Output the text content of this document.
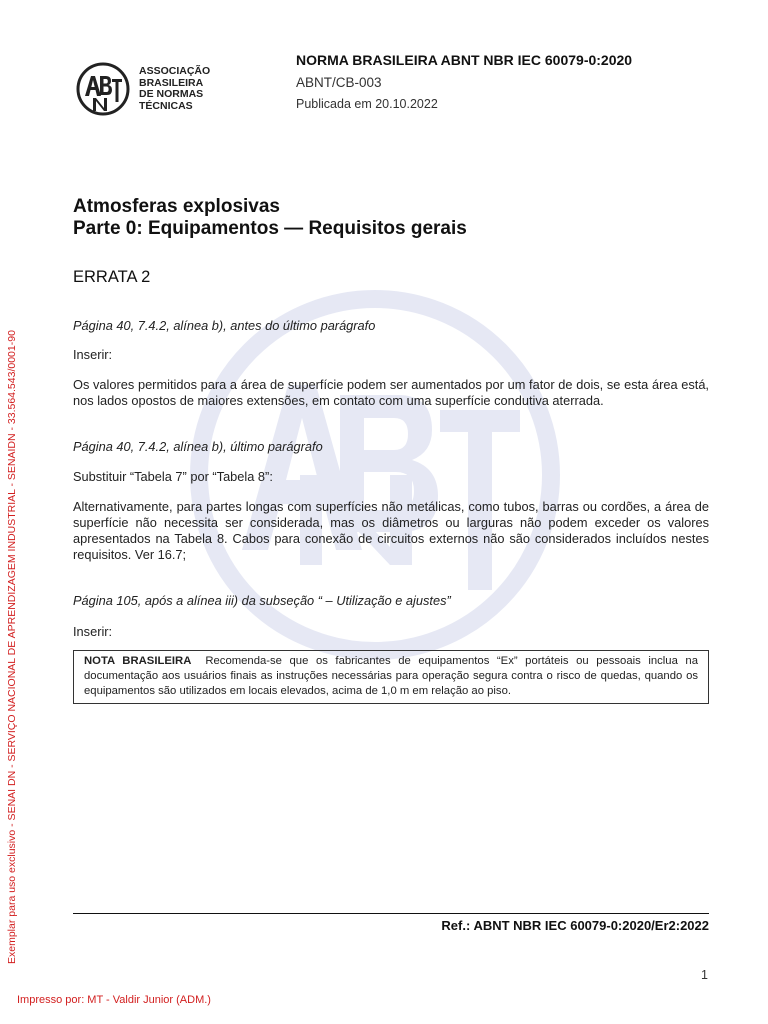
ASSOCIAÇÃO
BRASILEIRA
DE NORMAS
TÉCNICAS
NORMA BRASILEIRA ABNT NBR IEC 60079-0:2020
ABNT/CB-003
Publicada em 20.10.2022
Atmosferas explosivas
Parte 0: Equipamentos — Requisitos gerais
ERRATA 2
Página 40, 7.4.2, alínea b), antes do último parágrafo
Inserir:
Os valores permitidos para a área de superfície podem ser aumentados por um fator de dois, se esta área está, nos lados opostos de maiores extensões, em contato com uma superfície condutiva aterrada.
Página 40, 7.4.2, alínea b), último parágrafo
Substituir “Tabela 7” por “Tabela 8”:
Alternativamente, para partes longas com superfícies não metálicas, como tubos, barras ou cordões, a área de superfície não necessita ser considerada, mas os diâmetros ou larguras não podem exceder os valores apresentados na Tabela 8. Cabos para conexão de circuitos externos não são considerados incluídos nestes requisitos. Ver 16.7;
Página 105, após a alínea iii) da subseção “ – Utilização e ajustes”
Inserir:
NOTA BRASILEIRA Recomenda-se que os fabricantes de equipamentos “Ex” portáteis ou pessoais inclua na documentação aos usuários finais as instruções necessárias para operação segura contra o risco de quedas, quando os equipamentos são utilizados em locais elevados, acima de 1,0 m em relação ao piso.
Ref.: ABNT NBR IEC 60079-0:2020/Er2:2022
1
Exemplar para uso exclusivo - SENAI DN - SERVIÇO NACIONAL DE APRENDIZAGEM INDUSTRIAL - SENAIDN - 33.564.543/0001-90
Impresso por: MT - Valdir Junior (ADM.)
